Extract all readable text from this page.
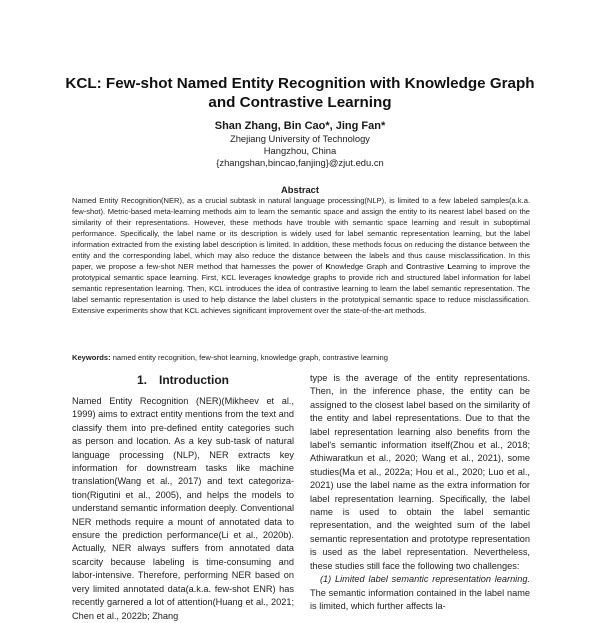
KCL: Few-shot Named Entity Recognition with Knowledge Graph and Contrastive Learning
Shan Zhang, Bin Cao*, Jing Fan*
Zhejiang University of Technology
Hangzhou, China
{zhangshan,bincao,fanjing}@zjut.edu.cn
Abstract
Named Entity Recognition(NER), as a crucial subtask in natural language processing(NLP), is limited to a few labeled samples(a.k.a. few-shot). Metric-based meta-learning methods aim to learn the semantic space and assign the entity to its nearest label based on the similarity of their representations. However, these methods have trouble with semantic space learning and result in suboptimal performance. Specifically, the label name or its description is widely used for label semantic representation learning, but the label information extracted from the existing label description is limited. In addition, these methods focus on reducing the distance between the entity and the corresponding label, which may also reduce the distance between the labels and thus cause misclassification. In this paper, we propose a few-shot NER method that harnesses the power of Knowledge Graph and Contrastive Learning to improve the prototypical semantic space learning. First, KCL leverages knowledge graphs to provide rich and structured label information for label semantic representation learning. Then, KCL introduces the idea of contrastive learning to learn the label semantic representation. The label semantic representation is used to help distance the label clusters in the prototypical semantic space to reduce misclassification. Extensive experiments show that KCL achieves significant improvement over the state-of-the-art methods.
Keywords: named entity recognition, few-shot learning, knowledge graph, contrastive learning
1. Introduction

Named Entity Recognition (NER)(Mikheev et al., 1999) aims to extract entity mentions from the text and classify them into pre-defined entity categories such as person and location. As a key sub-task of natural language processing (NLP), NER extracts key information for downstream tasks like machine translation(Wang et al., 2017) and text categorization(Rigutini et al., 2005), and helps the models to understand semantic information deeply. Conventional NER methods require a mount of annotated data to ensure the prediction performance(Li et al., 2020b). Actually, NER always suffers from annotated data scarcity because labeling is time-consuming and labor-intensive. Therefore, performing NER based on very limited annotated data(a.k.a. few-shot ENR) has recently garnered a lot of attention(Huang et al., 2021; Chen et al., 2022b; Zhang

type is the average of the entity representations. Then, in the inference phase, the entity can be assigned to the closest label based on the similarity of the entity and label representations. Due to that the label representation learning also benefits from the label's semantic information itself(Zhou et al., 2018; Athiwaratkun et al., 2020; Wang et al., 2021), some studies(Ma et al., 2022a; Hou et al., 2020; Luo et al., 2021) use the label name as the extra information for label representation learning. Specifically, the label name is used to obtain the label semantic representation, and the weighted sum of the label semantic representation and prototype representation is used as the label representation. Nevertheless, these studies still face the following two challenges:

(1) Limited label semantic representation learning. The semantic information contained in the label name is limited, which further affects la-
